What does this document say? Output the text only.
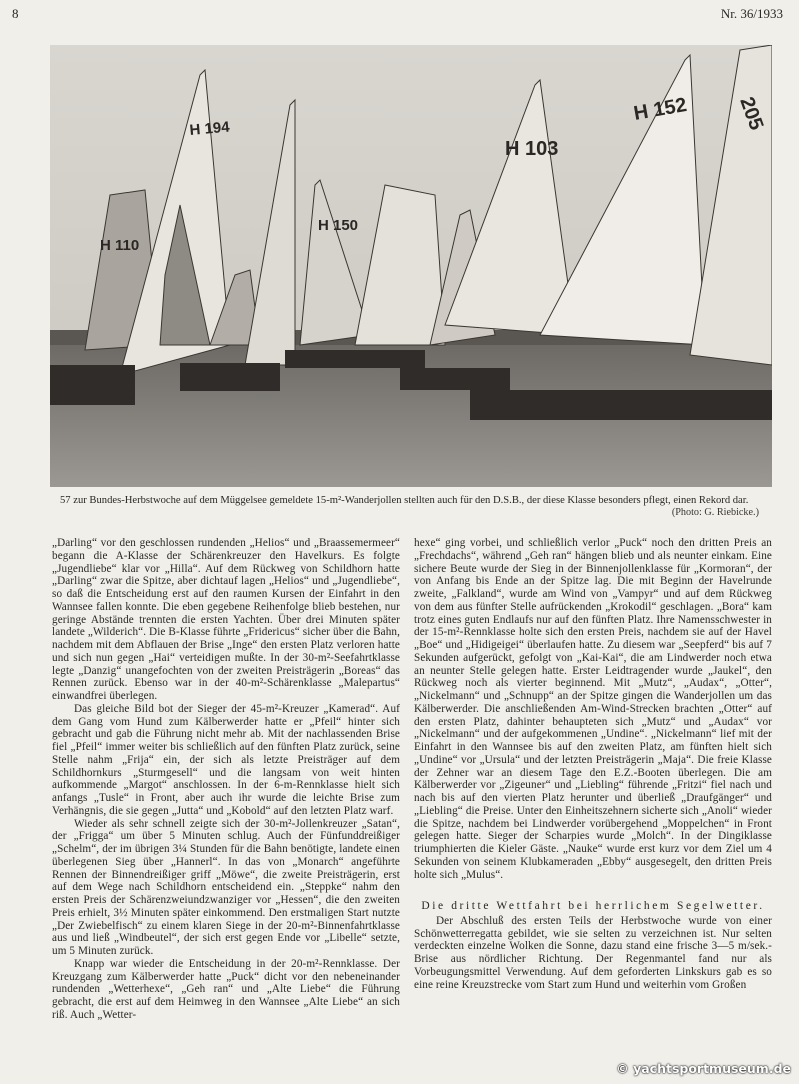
8	Nr. 36/1933
H 194
H 110
H 150
H 103
H 152 205
57 zur Bundes-Herbstwoche auf dem Müggelsee gemeldete 15-m²-Wanderjollen stellten auch für den D.S.B., der diese Klasse besonders pflegt, einen Rekord dar.
(Photo: G. Riebicke.)

„Darling“ vor den geschlossen rundenden „Helios“ und „Braassemermeer“ begann die A-Klasse der Schärenkreuzer den Havelkurs. Es folgte „Jugendliebe“ klar vor „Hilla“. Auf dem Rückweg von Schildhorn hatte „Darling“ zwar die Spitze, aber dichtauf lagen „Helios“ und „Jugendliebe“, so daß die Entscheidung erst auf den raumen Kursen der Einfahrt in den Wannsee fallen konnte. Die eben gegebene Reihenfolge blieb bestehen, nur geringe Abstände trennten die ersten Yachten. Über drei Minuten später landete „Wilderich“. Die B-Klasse führte „Fridericus“ sicher über die Bahn, nachdem mit dem Abflauen der Brise „Inge“ den ersten Platz verloren hatte und sich nun gegen „Hai“ verteidigen mußte. In der 30-m²-Seefahrtklasse legte „Danzig“ unangefochten von der zweiten Preisträgerin „Boreas“ das Rennen zurück. Ebenso war in der 40-m²-Schärenklasse „Malepartus“ einwandfrei überlegen.

Das gleiche Bild bot der Sieger der 45-m²-Kreuzer „Kamerad“. Auf dem Gang vom Hund zum Kälberwerder hatte er „Pfeil“ hinter sich gebracht und gab die Führung nicht mehr ab. Mit der nachlassenden Brise fiel „Pfeil“ immer weiter bis schließlich auf den fünften Platz zurück, seine Stelle nahm „Frija“ ein, der sich als letzte Preisträger auf dem Schildhornkurs „Sturmgesell“ und die langsam von weit hinten aufkommende „Margot“ anschlossen. In der 6-m-Rennklasse hielt sich anfangs „Tusle“ in Front, aber auch ihr wurde die leichte Brise zum Verhängnis, die sie gegen „Jutta“ und „Kobold“ auf den letzten Platz warf.

Wieder als sehr schnell zeigte sich der 30-m²-Jollenkreuzer „Satan“, der „Frigga“ um über 5 Minuten schlug. Auch der Fünfunddreißiger „Schelm“, der im übrigen 3¼ Stunden für die Bahn benötigte, landete einen überlegenen Sieg über „Hannerl“. In das von „Monarch“ angeführte Rennen der Binnendreißiger griff „Möwe“, die zweite Preisträgerin, erst auf dem Wege nach Schildhorn entscheidend ein. „Steppke“ nahm den ersten Preis der Schärenzweiundzwanziger vor „Hessen“, die den zweiten Preis erhielt, 3½ Minuten später einkommend. Den erstmaligen Start nutzte „Der Zwiebelfisch“ zu einem klaren Siege in der 20-m²-Binnenfahrtklasse aus und ließ „Windbeutel“, der sich erst gegen Ende vor „Libelle“ setzte, um 5 Minuten zurück.

Knapp war wieder die Entscheidung in der 20-m²-Rennklasse. Der Kreuzgang zum Kälberwerder hatte „Puck“ dicht vor den nebeneinander rundenden „Wetterhexe“, „Geh ran“ und „Alte Liebe“ die Führung gebracht, die erst auf dem Heimweg in den Wannsee „Alte Liebe“ an sich riß. Auch „Wetter-

hexe“ ging vorbei, und schließlich verlor „Puck“ noch den dritten Preis an „Frechdachs“, während „Geh ran“ hängen blieb und als neunter einkam. Eine sichere Beute wurde der Sieg in der Binnenjollenklasse für „Kormoran“, der von Anfang bis Ende an der Spitze lag. Die mit Beginn der Havelrunde zweite, „Falkland“, wurde am Wind von „Vampyr“ und auf dem Rückweg von dem aus fünfter Stelle aufrückenden „Krokodil“ geschlagen. „Bora“ kam trotz eines guten Endlaufs nur auf den fünften Platz. Ihre Namensschwester in der 15-m²-Rennklasse holte sich den ersten Preis, nachdem sie auf der Havel „Boe“ und „Hidigeigei“ überlaufen hatte. Zu diesem war „Seepferd“ bis auf 7 Sekunden aufgerückt, gefolgt von „Kai-Kai“, die am Lindwerder noch etwa an neunter Stelle gelegen hatte. Erster Leidtragender wurde „Jaukel“, den Rückweg noch als vierter beginnend. Mit „Mutz“, „Audax“, „Otter“, „Nickelmann“ und „Schnupp“ an der Spitze gingen die Wanderjollen um das Kälberwerder. Die anschließenden Am-Wind-Strecken brachten „Otter“ auf den ersten Platz, dahinter behaupteten sich „Mutz“ und „Audax“ vor „Nickelmann“ und der aufgekommenen „Undine“. „Nickelmann“ lief mit der Einfahrt in den Wannsee bis auf den zweiten Platz, am fünften hielt sich „Undine“ vor „Ursula“ und der letzten Preisträgerin „Maja“. Die freie Klasse der Zehner war an diesem Tage den E.Z.-Booten überlegen. Die am Kälberwerder vor „Zigeuner“ und „Liebling“ führende „Fritzi“ fiel nach und nach bis auf den vierten Platz herunter und überließ „Draufgänger“ und „Liebling“ die Preise. Unter den Einheitszehnern sicherte sich „Anoli“ wieder die Spitze, nachdem bei Lindwerder vorübergehend „Moppelchen“ in Front gelegen hatte. Sieger der Scharpies wurde „Molch“. In der Dingiklasse triumphierten die Kieler Gäste. „Nauke“ wurde erst kurz vor dem Ziel um 4 Sekunden von seinem Klubkameraden „Ebby“ ausgesegelt, den dritten Preis holte sich „Mulus“.

Die dritte Wettfahrt bei herrlichem Segelwetter.

Der Abschluß des ersten Teils der Herbstwoche wurde von einer Schönwetterregatta gebildet, wie sie selten zu verzeichnen ist. Nur selten verdeckten einzelne Wolken die Sonne, dazu stand eine frische 3—5 m/sek.-Brise aus nördlicher Richtung. Der Regenmantel fand nur als Vorbeugungsmittel Verwendung. Auf dem geforderten Linkskurs gab es so eine reine Kreuzstrecke vom Start zum Hund und weiterhin vom Großen

© yachtsportmuseum.de
